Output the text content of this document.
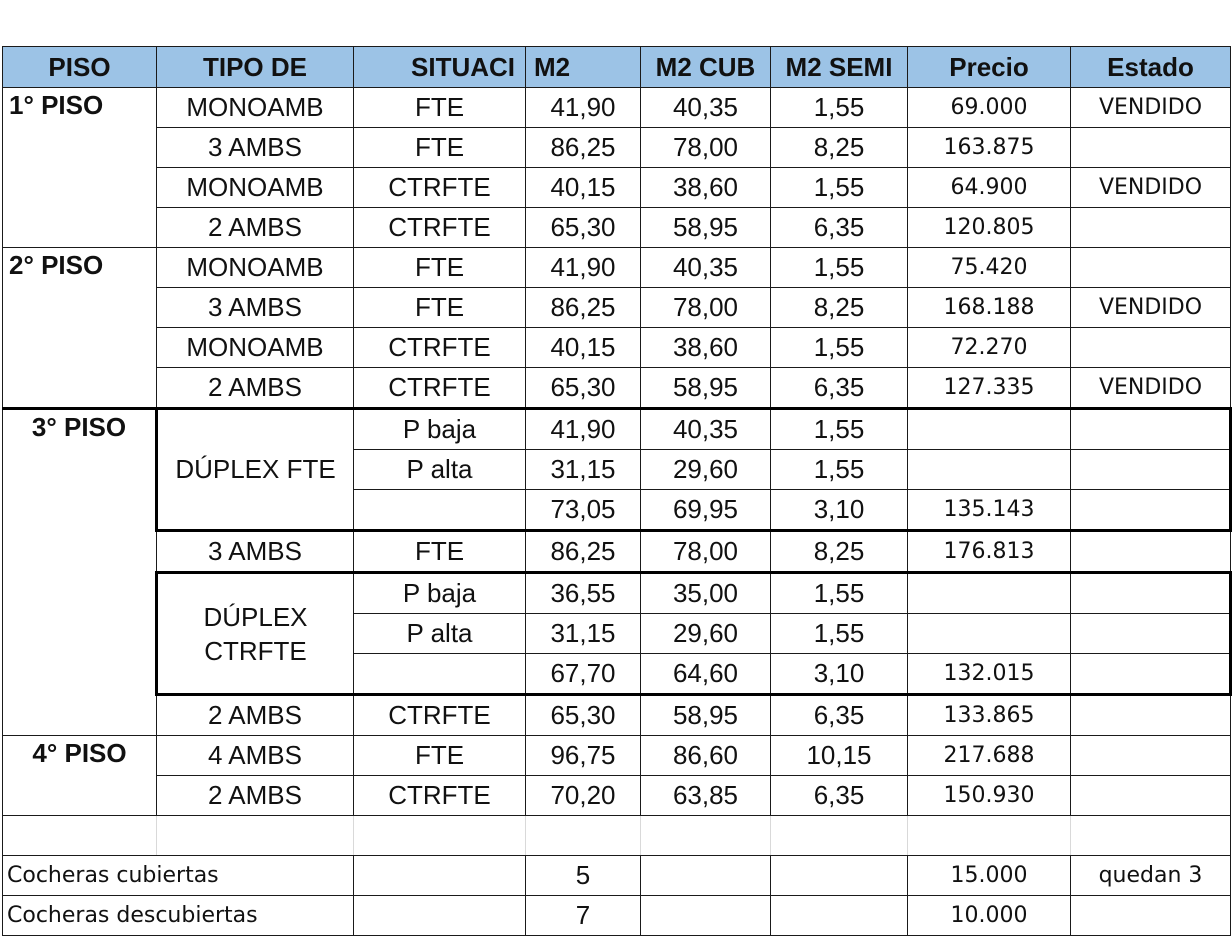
PISO	TIPO DE	SITUACI	M2	M2 CUB	M2 SEMI	Precio	Estado
1° PISO	MONOAMB	FTE	41,90	40,35	1,55	69.000	VENDIDO
	3 AMBS	FTE	86,25	78,00	8,25	163.875	
	MONOAMB	CTRFTE	40,15	38,60	1,55	64.900	VENDIDO
	2 AMBS	CTRFTE	65,30	58,95	6,35	120.805	
2° PISO	MONOAMB	FTE	41,90	40,35	1,55	75.420	
	3 AMBS	FTE	86,25	78,00	8,25	168.188	VENDIDO
	MONOAMB	CTRFTE	40,15	38,60	1,55	72.270	
	2 AMBS	CTRFTE	65,30	58,95	6,35	127.335	VENDIDO
3° PISO	DÚPLEX FTE	P baja	41,90	40,35	1,55		
		P alta	31,15	29,60	1,55		
			73,05	69,95	3,10	135.143	
	3 AMBS	FTE	86,25	78,00	8,25	176.813	
	DÚPLEX CTRFTE	P baja	36,55	35,00	1,55		
		P alta	31,15	29,60	1,55		
			67,70	64,60	3,10	132.015	
	2 AMBS	CTRFTE	65,30	58,95	6,35	133.865	
4° PISO	4 AMBS	FTE	96,75	86,60	10,15	217.688	
	2 AMBS	CTRFTE	70,20	63,85	6,35	150.930	

Cocheras cubiertas			5			15.000	quedan 3
Cocheras descubiertas			7			10.000	
